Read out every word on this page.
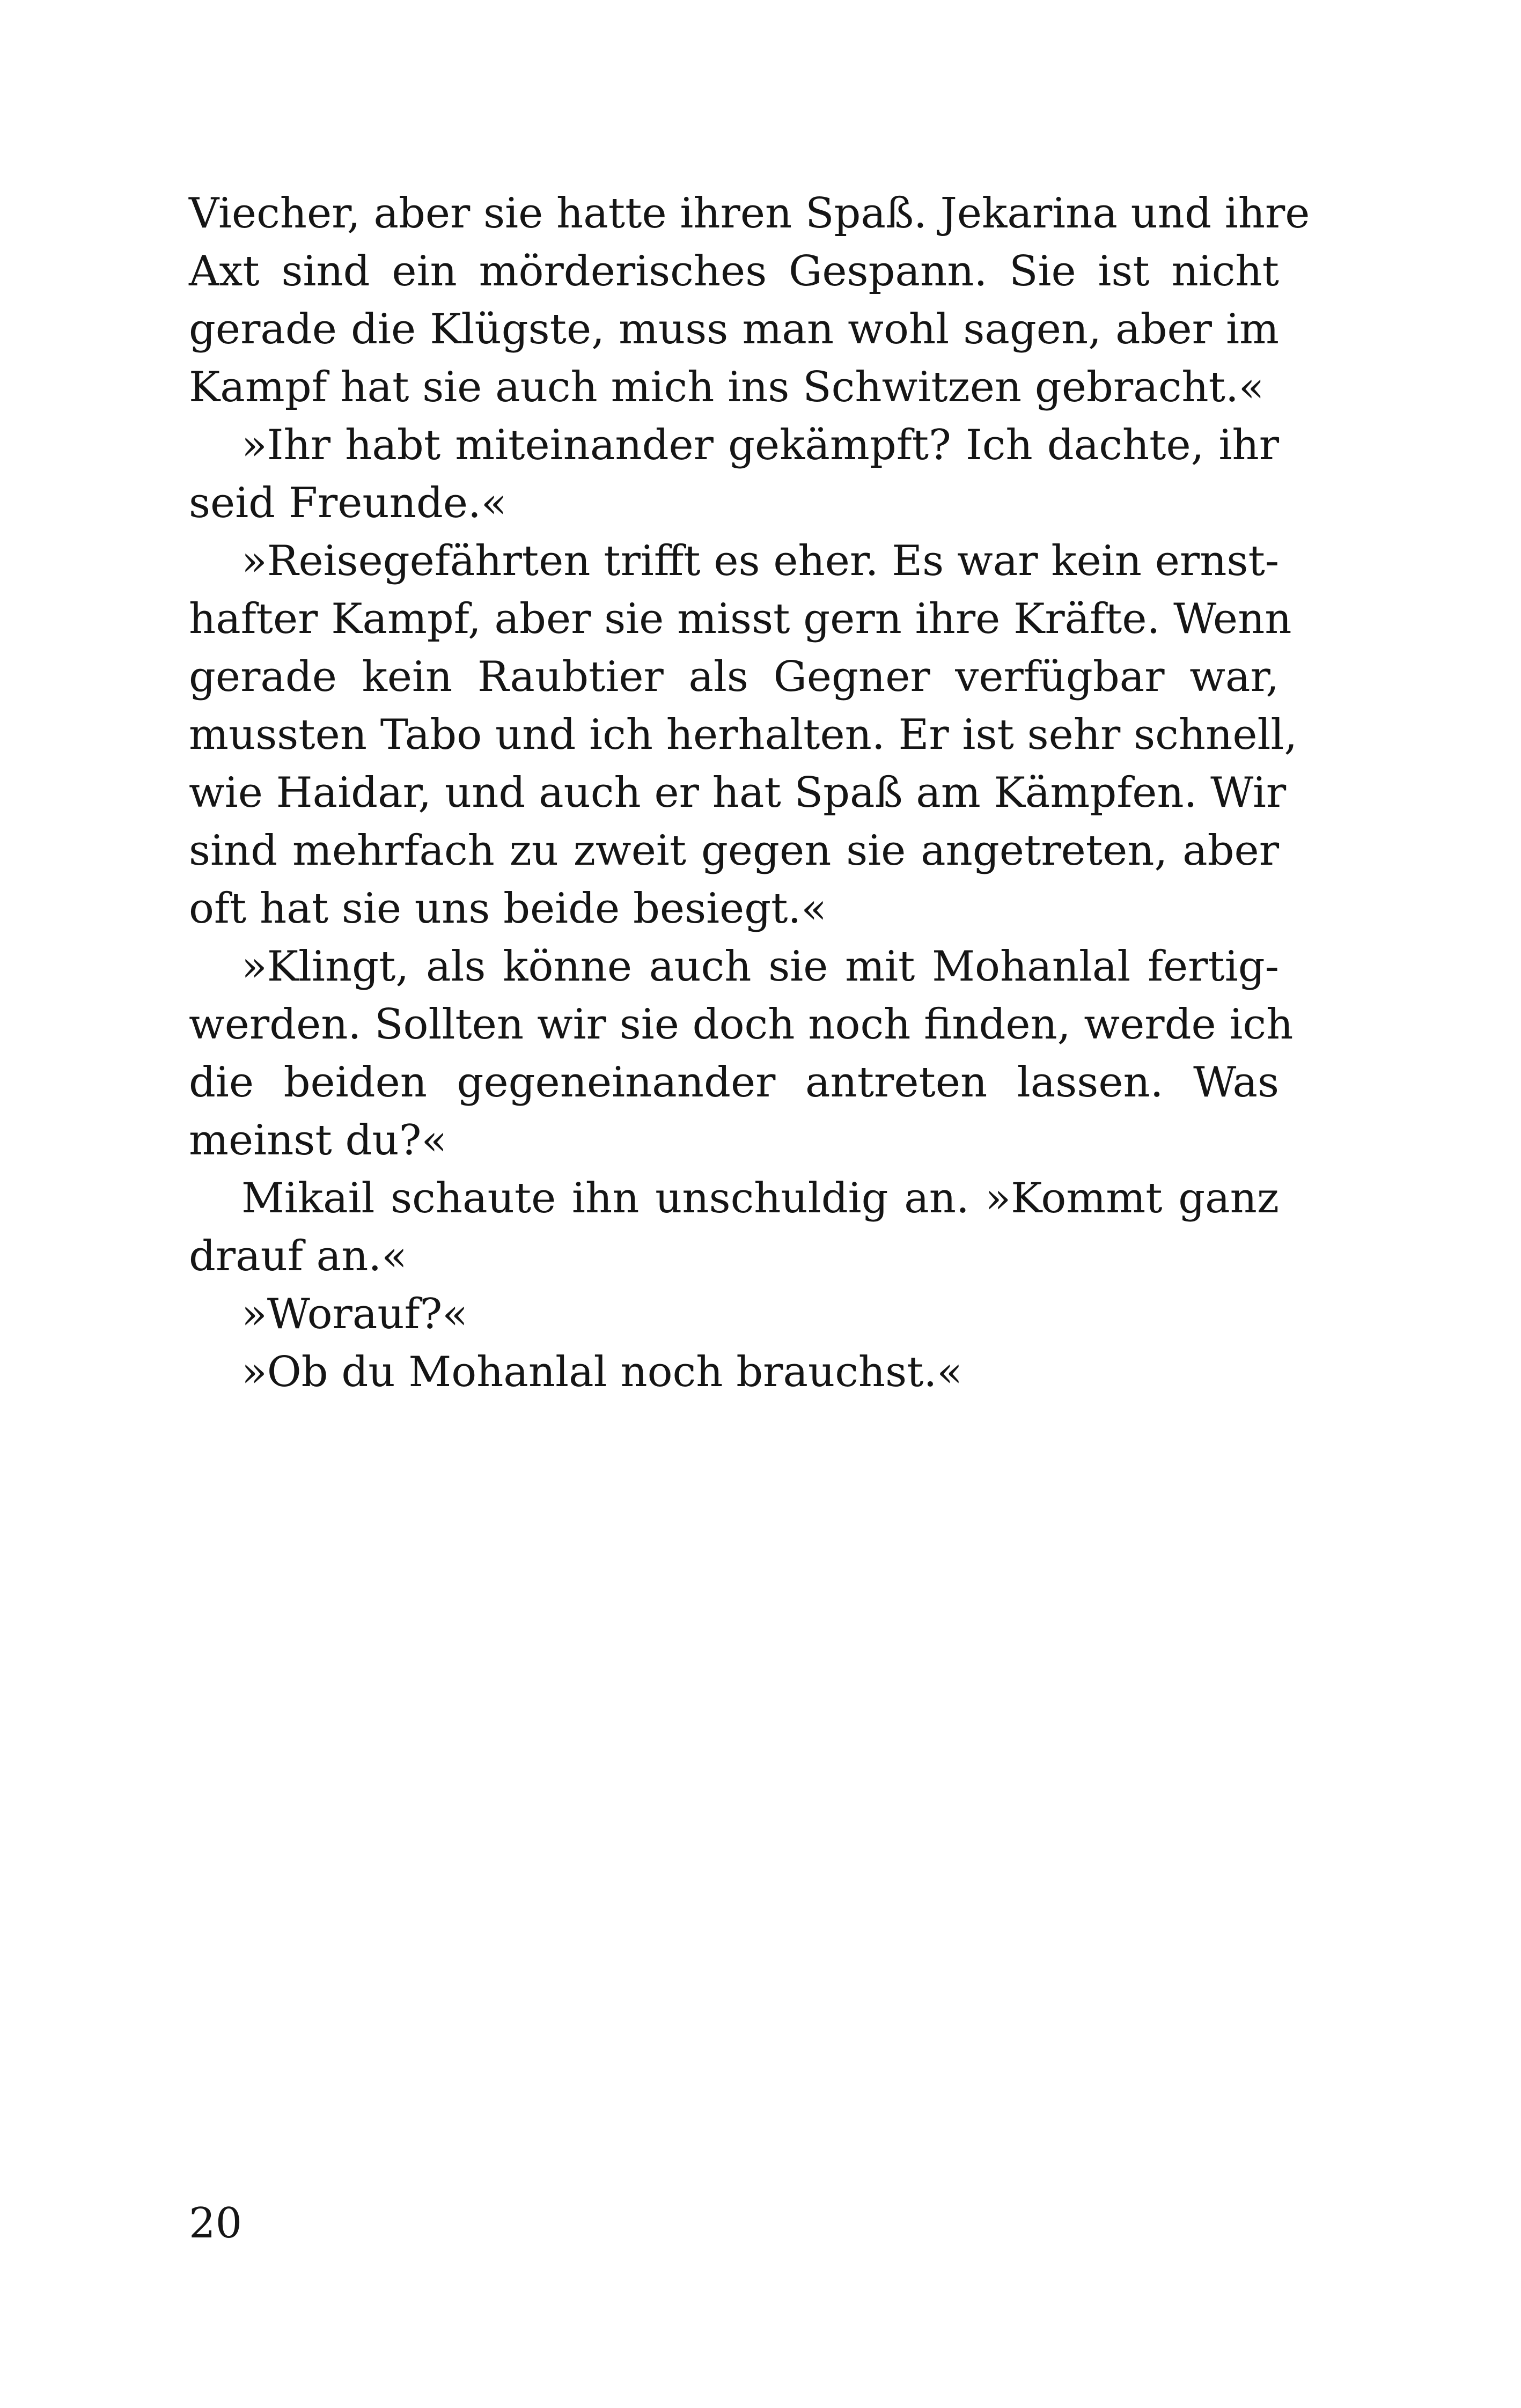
Viecher, aber sie hatte ihren Spaß. Jekarina und ihre
Axt sind ein mörderisches Gespann. Sie ist nicht
gerade die Klügste, muss man wohl sagen, aber im
Kampf hat sie auch mich ins Schwitzen gebracht.«
»Ihr habt miteinander gekämpft? Ich dachte, ihr
seid Freunde.«
»Reisegefährten trifft es eher. Es war kein ernst-
hafter Kampf, aber sie misst gern ihre Kräfte. Wenn
gerade kein Raubtier als Gegner verfügbar war,
mussten Tabo und ich herhalten. Er ist sehr schnell,
wie Haidar, und auch er hat Spaß am Kämpfen. Wir
sind mehrfach zu zweit gegen sie angetreten, aber
oft hat sie uns beide besiegt.«
»Klingt, als könne auch sie mit Mohanlal fertig-
werden. Sollten wir sie doch noch finden, werde ich
die beiden gegeneinander antreten lassen. Was
meinst du?«
Mikail schaute ihn unschuldig an. »Kommt ganz
drauf an.«
»Worauf?«
»Ob du Mohanlal noch brauchst.«
20
